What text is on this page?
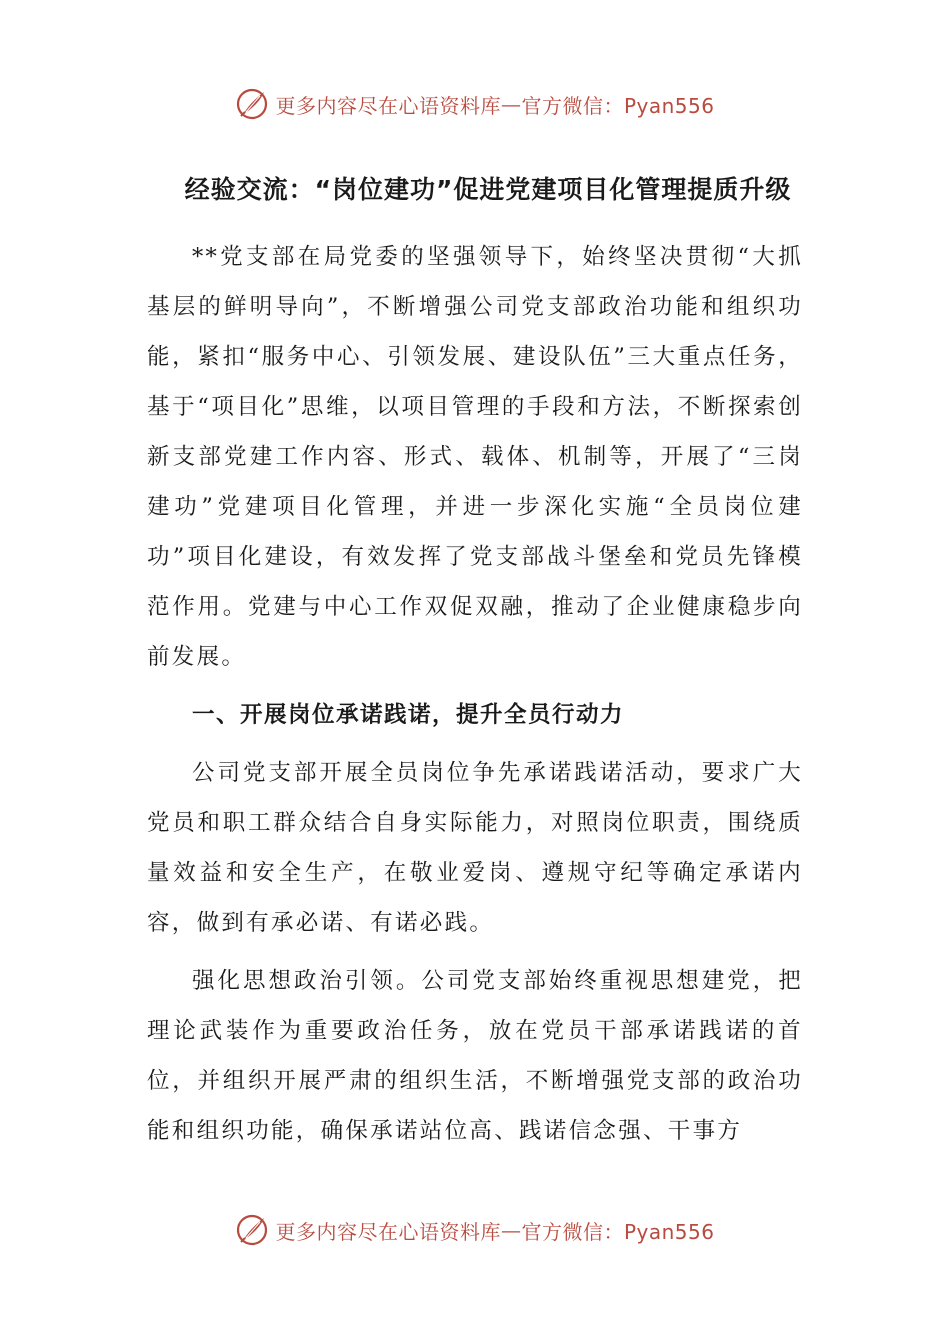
更多内容尽在心语资料库 — 官方微信：Pyan556
经验交流：“岗位建功”促进党建项目化管理提质升级

**党支部在局党委的坚强领导下，始终坚决贯彻“大抓基层的鲜明导向”，不断增强公司党支部政治功能和组织功能，紧扣“服务中心、引领发展、建设队伍”三大重点任务，基于“项目化”思维，以项目管理的手段和方法，不断探索创新支部党建工作内容、形式、载体、机制等，开展了“三岗建功”党建项目化管理，并进一步深化实施“全员岗位建功”项目化建设，有效发挥了党支部战斗堡垒和党员先锋模范作用。党建与中心工作双促双融，推动了企业健康稳步向前发展。

一、开展岗位承诺践诺，提升全员行动力

公司党支部开展全员岗位争先承诺践诺活动，要求广大党员和职工群众结合自身实际能力，对照岗位职责，围绕质量效益和安全生产，在敬业爱岗、遵规守纪等确定承诺内容，做到有承必诺、有诺必践。

强化思想政治引领。公司党支部始终重视思想建党，把理论武装作为重要政治任务，放在党员干部承诺践诺的首位，并组织开展严肃的组织生活，不断增强党支部的政治功能和组织功能，确保承诺站位高、践诺信念强、干事方

更多内容尽在心语资料库 — 官方微信：Pyan556
